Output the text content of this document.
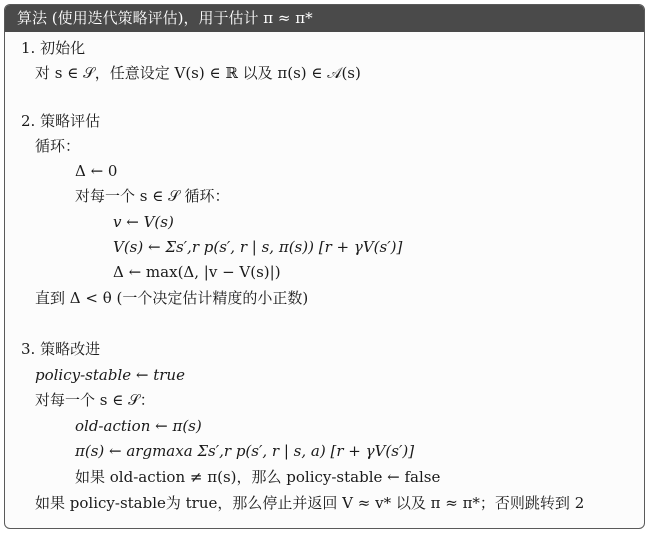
算法 (使用迭代策略评估)，用于估计 π ≈ π*
1. 初始化
对 s ∈ 𝒮，任意设定 V(s) ∈ ℝ 以及 π(s) ∈ 𝒜(s)
2. 策略评估
循环：
Δ ← 0
对每一个 s ∈ 𝒮 循环：
v ← V(s)
V(s) ← Σs′,r p(s′, r | s, π(s)) [r + γV(s′)]
Δ ← max(Δ, |v − V(s)|)
直到 Δ < θ (一个决定估计精度的小正数)
3. 策略改进
policy-stable ← true
对每一个 s ∈ 𝒮：
old-action ← π(s)
π(s) ← argmaxa Σs′,r p(s′, r | s, a) [r + γV(s′)]
如果 old-action ≠ π(s)，那么 policy-stable ← false
如果 policy-stable为 true，那么停止并返回 V ≈ v* 以及 π ≈ π*；否则跳转到 2
